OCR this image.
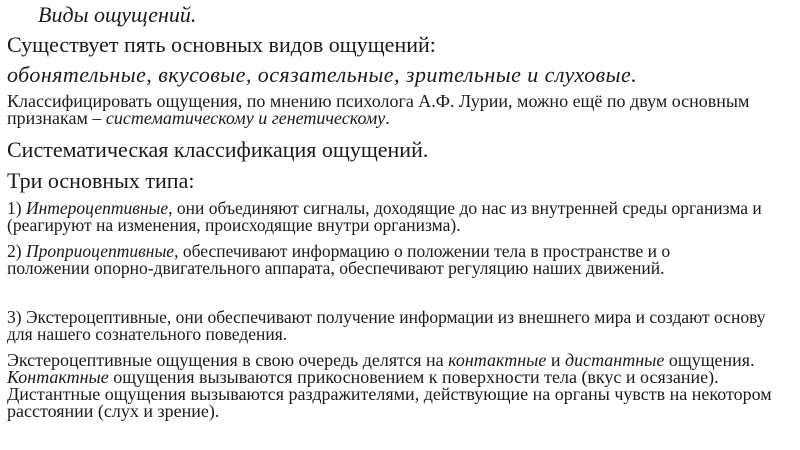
Виды ощущений.
Существует пять основных видов ощущений:
обонятельные, вкусовые, осязательные, зрительные и слуховые.

Классифицировать ощущения, по мнению психолога А.Ф. Лурии, можно ещё по двум основным признакам – систематическому и генетическому.

Систематическая классификация ощущений.
Три основных типа:

1) Интероцептивные, они объединяют сигналы, доходящие до нас из внутренней среды организма и (реагируют на изменения, происходящие внутри организма).

2) Проприоцептивные, обеспечивают информацию о положении тела в пространстве и о положении опорно-двигательного аппарата, обеспечивают регуляцию наших движений.

3) Экстероцептивные, они обеспечивают получение информации из внешнего мира и создают основу для нашего сознательного поведения.

Экстероцептивные ощущения в свою очередь делятся на контактные и дистантные ощущения. Контактные ощущения вызываются прикосновением к поверхности тела (вкус и осязание). Дистантные ощущения вызываются раздражителями, действующие на органы чувств на некотором расстоянии (слух и зрение).
